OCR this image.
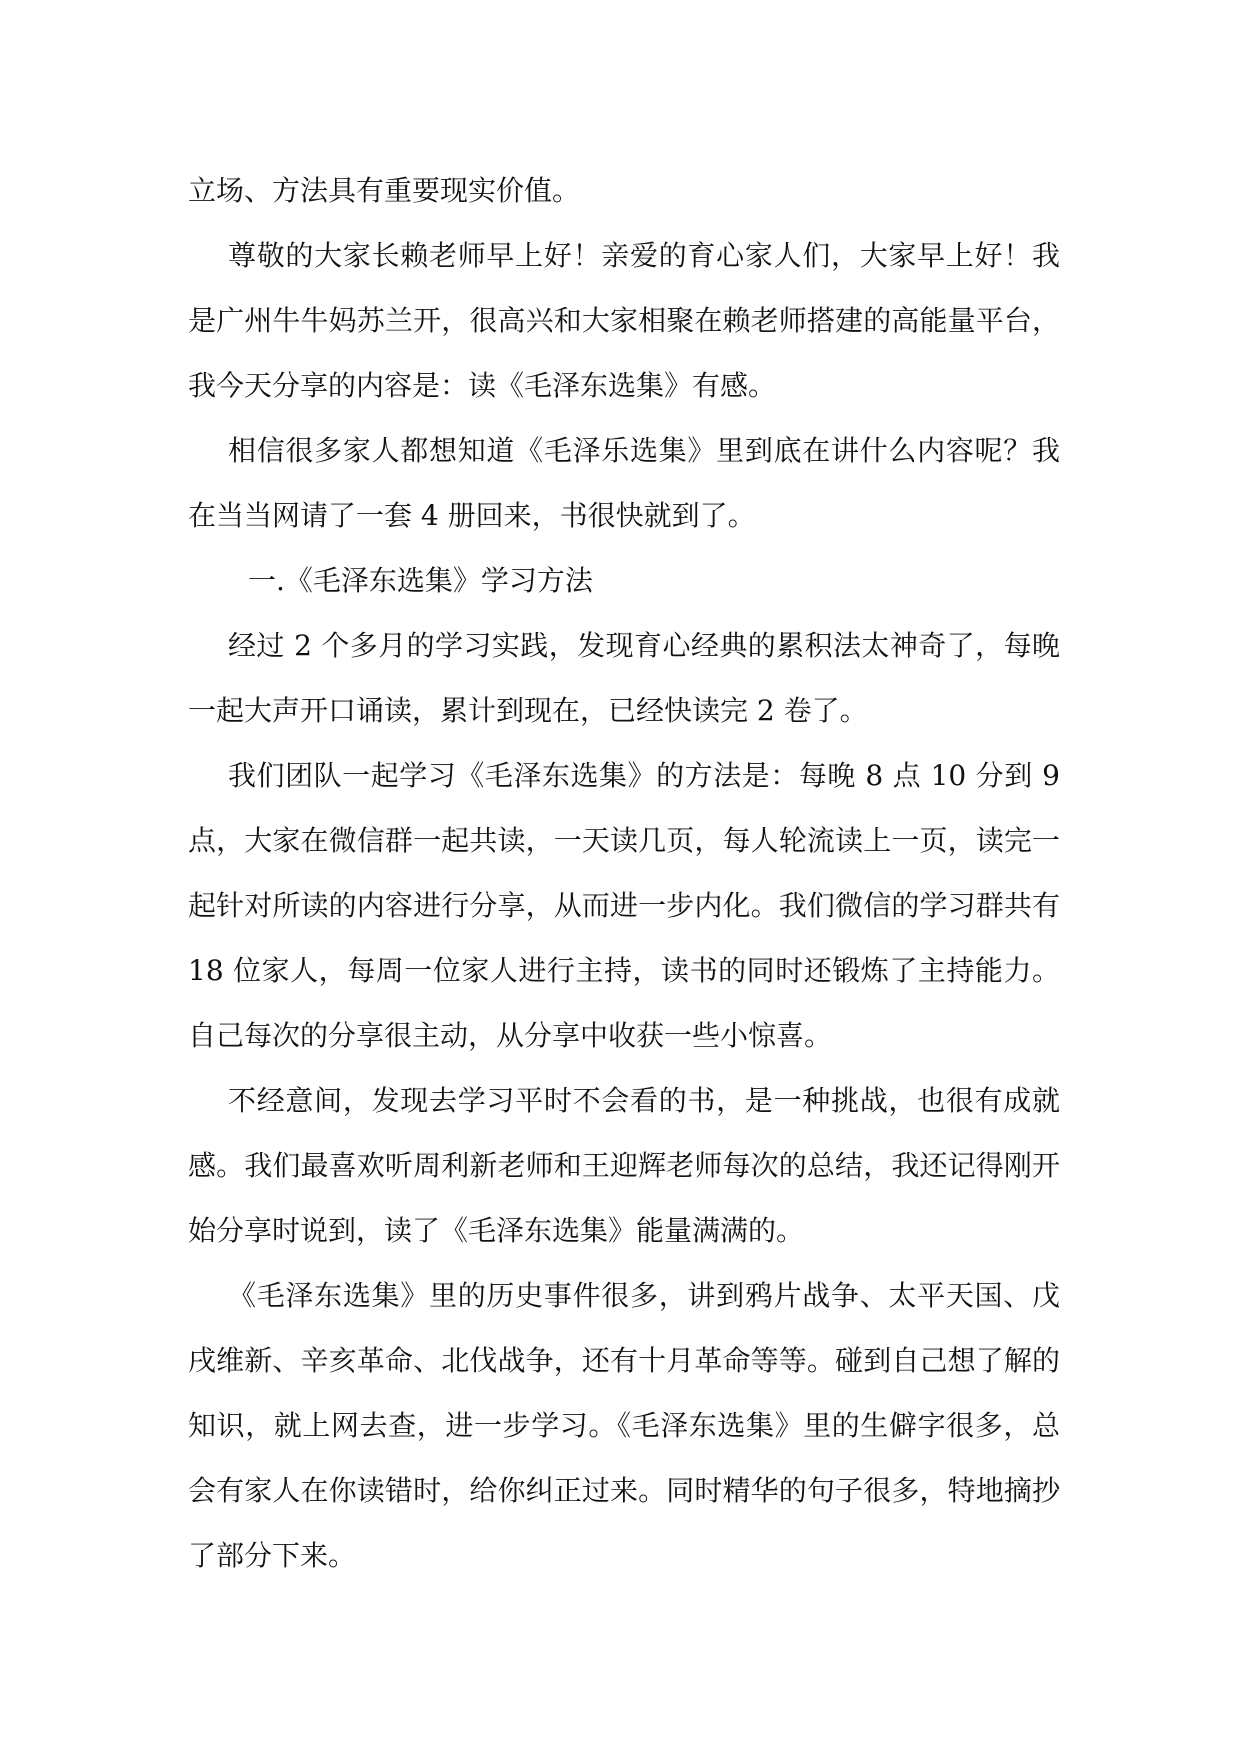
立场、方法具有重要现实价值。

尊敬的大家长赖老师早上好！亲爱的育心家人们，大家早上好！我是广州牛牛妈苏兰开，很高兴和大家相聚在赖老师搭建的高能量平台，我今天分享的内容是：读《毛泽东选集》有感。

相信很多家人都想知道《毛泽乐选集》里到底在讲什么内容呢？我在当当网请了一套 4 册回来，书很快就到了。

一.《毛泽东选集》学习方法

经过 2 个多月的学习实践，发现育心经典的累积法太神奇了，每晚一起大声开口诵读，累计到现在，已经快读完 2 卷了。

我们团队一起学习《毛泽东选集》的方法是：每晚 8 点 10 分到 9 点，大家在微信群一起共读，一天读几页，每人轮流读上一页，读完一起针对所读的内容进行分享，从而进一步内化。我们微信的学习群共有 18 位家人，每周一位家人进行主持，读书的同时还锻炼了主持能力。自己每次的分享很主动，从分享中收获一些小惊喜。

不经意间，发现去学习平时不会看的书，是一种挑战，也很有成就感。我们最喜欢听周利新老师和王迎辉老师每次的总结，我还记得刚开始分享时说到，读了《毛泽东选集》能量满满的。

《毛泽东选集》里的历史事件很多，讲到鸦片战争、太平天国、戊戌维新、辛亥革命、北伐战争，还有十月革命等等。碰到自己想了解的知识，就上网去查，进一步学习。《毛泽东选集》里的生僻字很多，总会有家人在你读错时，给你纠正过来。同时精华的句子很多，特地摘抄了部分下来。
